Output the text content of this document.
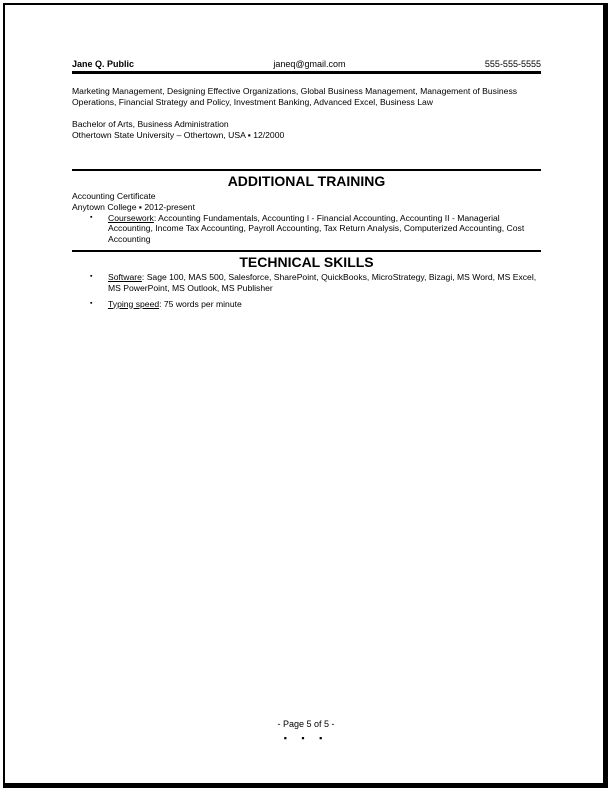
Jane Q. Public	janeq@gmail.com	555-555-5555
Marketing Management, Designing Effective Organizations, Global Business Management, Management of Business Operations, Financial Strategy and Policy, Investment Banking, Advanced Excel, Business Law
Bachelor of Arts, Business Administration
Othertown State University – Othertown, USA ▪ 12/2000
ADDITIONAL TRAINING
Accounting Certificate
Anytown College ▪ 2012-present
▪ Coursework: Accounting Fundamentals, Accounting I - Financial Accounting, Accounting II - Managerial Accounting, Income Tax Accounting, Payroll Accounting, Tax Return Analysis, Computerized Accounting, Cost Accounting
TECHNICAL SKILLS
▪ Software: Sage 100, MAS 500, Salesforce, SharePoint, QuickBooks, MicroStrategy, Bizagi, MS Word, MS Excel, MS PowerPoint, MS Outlook, MS Publisher
▪ Typing speed: 75 words per minute
- Page 5 of 5 -
▪ ▪ ▪
